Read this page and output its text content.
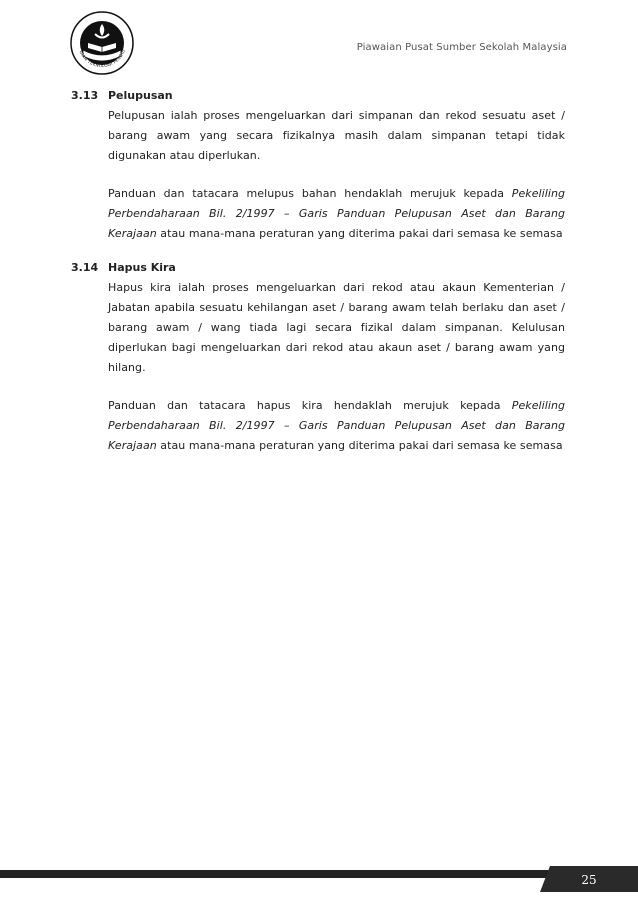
GIAN TEKNOLOGI PENDID	Piawaian Pusat Sumber Sekolah Malaysia
3.13 Pelupusan
Pelupusan ialah proses mengeluarkan dari simpanan dan rekod sesuatu aset / barang awam yang secara fizikalnya masih dalam simpanan tetapi tidak digunakan atau diperlukan.
Panduan dan tatacara melupus bahan hendaklah merujuk kepada Pekeliling Perbendaharaan Bil. 2/1997 – Garis Panduan Pelupusan Aset dan Barang Kerajaan atau mana-mana peraturan yang diterima pakai dari semasa ke semasa
3.14 Hapus Kira
Hapus kira ialah proses mengeluarkan dari rekod atau akaun Kementerian / Jabatan apabila sesuatu kehilangan aset / barang awam telah berlaku dan aset / barang awam / wang tiada lagi secara fizikal dalam simpanan. Kelulusan diperlukan bagi mengeluarkan dari rekod atau akaun aset / barang awam yang hilang.
Panduan dan tatacara hapus kira hendaklah merujuk kepada Pekeliling Perbendaharaan Bil. 2/1997 – Garis Panduan Pelupusan Aset dan Barang Kerajaan atau mana-mana peraturan yang diterima pakai dari semasa ke semasa
25
